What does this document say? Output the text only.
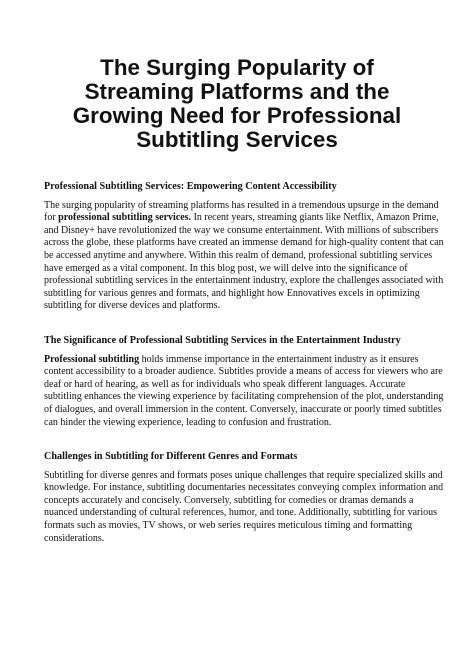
The Surging Popularity of
Streaming Platforms and the
Growing Need for Professional
Subtitling Services
Professional Subtitling Services: Empowering Content Accessibility

The surging popularity of streaming platforms has resulted in a tremendous upsurge in the demand
for professional subtitling services. In recent years, streaming giants like Netflix, Amazon Prime,
and Disney+ have revolutionized the way we consume entertainment. With millions of subscribers
across the globe, these platforms have created an immense demand for high-quality content that can
be accessed anytime and anywhere. Within this realm of demand, professional subtitling services
have emerged as a vital component. In this blog post, we will delve into the significance of
professional subtitling services in the entertainment industry, explore the challenges associated with
subtitling for various genres and formats, and highlight how Ennovatives excels in optimizing
subtitling for diverse devices and platforms.

The Significance of Professional Subtitling Services in the Entertainment Industry

Professional subtitling holds immense importance in the entertainment industry as it ensures
content accessibility to a broader audience. Subtitles provide a means of access for viewers who are
deaf or hard of hearing, as well as for individuals who speak different languages. Accurate
subtitling enhances the viewing experience by facilitating comprehension of the plot, understanding
of dialogues, and overall immersion in the content. Conversely, inaccurate or poorly timed subtitles
can hinder the viewing experience, leading to confusion and frustration.

Challenges in Subtitling for Different Genres and Formats

Subtitling for diverse genres and formats poses unique challenges that require specialized skills and
knowledge. For instance, subtitling documentaries necessitates conveying complex information and
concepts accurately and concisely. Conversely, subtitling for comedies or dramas demands a
nuanced understanding of cultural references, humor, and tone. Additionally, subtitling for various
formats such as movies, TV shows, or web series requires meticulous timing and formatting
considerations.
